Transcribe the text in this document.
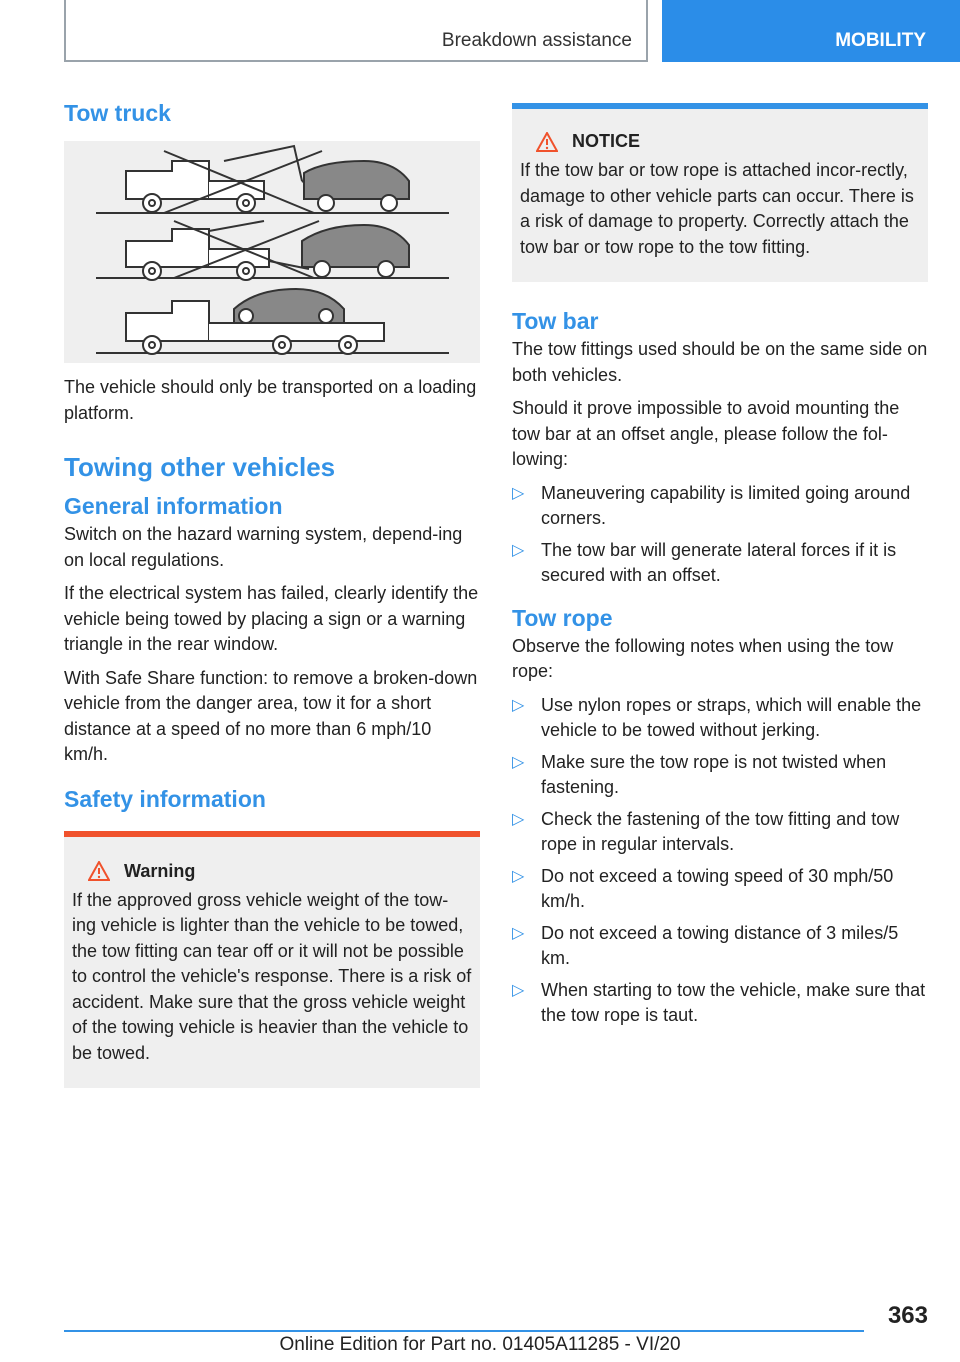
Breakdown assistance	MOBILITY
Tow truck

The vehicle should only be transported on a loading platform.

Towing other vehicles
General information

Switch on the hazard warning system, depend-ing on local regulations.

If the electrical system has failed, clearly identify the vehicle being towed by placing a sign or a warning triangle in the rear window.

With Safe Share function: to remove a broken-down vehicle from the danger area, tow it for a short distance at a speed of no more than 6 mph/10 km/h.

Safety information
Warning

If the approved gross vehicle weight of the tow-ing vehicle is lighter than the vehicle to be towed, the tow fitting can tear off or it will not be possible to control the vehicle's response. There is a risk of accident. Make sure that the gross vehicle weight of the towing vehicle is heavier than the vehicle to be towed.

NOTICE

If the tow bar or tow rope is attached incor-rectly, damage to other vehicle parts can occur. There is a risk of damage to property. Correctly attach the tow bar or tow rope to the tow fitting.

Tow bar

The tow fittings used should be on the same side on both vehicles.

Should it prove impossible to avoid mounting the tow bar at an offset angle, please follow the fol-lowing:

▷ Maneuvering capability is limited going around corners.
▷ The tow bar will generate lateral forces if it is secured with an offset.
Tow rope

Observe the following notes when using the tow rope:

▷ Use nylon ropes or straps, which will enable the vehicle to be towed without jerking.
▷ Make sure the tow rope is not twisted when fastening.
▷ Check the fastening of the tow fitting and tow rope in regular intervals.
▷ Do not exceed a towing speed of 30 mph/50 km/h.
▷ Do not exceed a towing distance of 3 miles/5 km.
▷ When starting to tow the vehicle, make sure that the tow rope is taut.
363
Online Edition for Part no. 01405A11285 - VI/20
